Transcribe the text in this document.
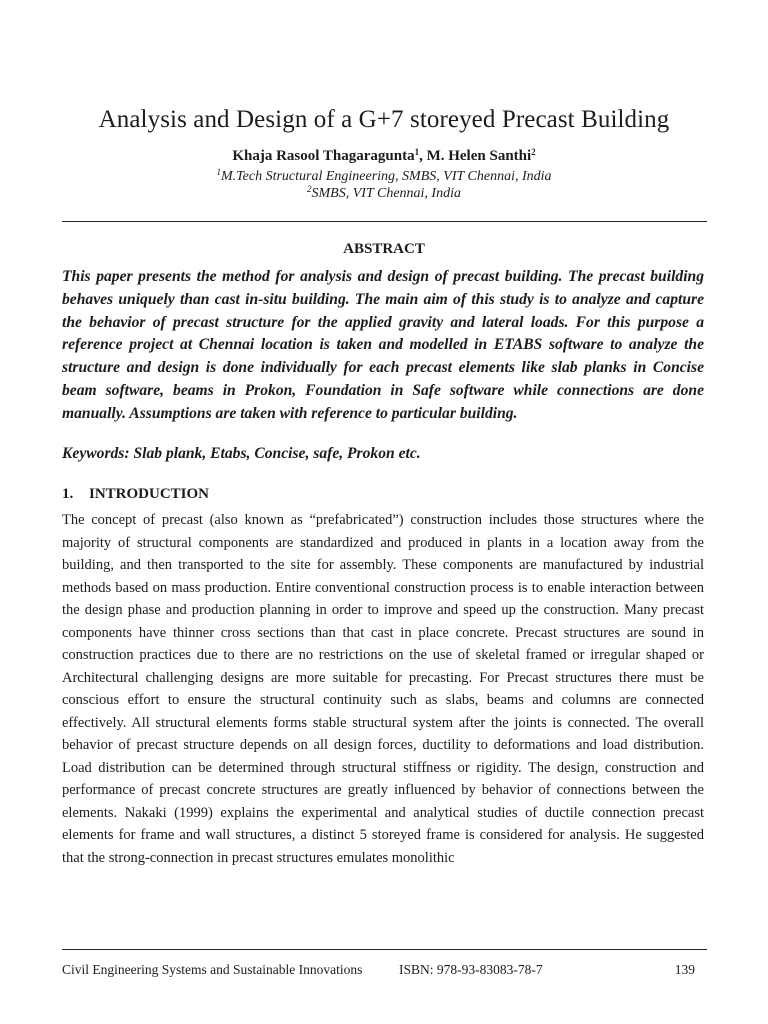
Analysis and Design of a G+7 storeyed Precast Building
Khaja Rasool Thagaragunta$^1$, M. Helen Santhi$^2$
$^1$M.Tech Structural Engineering, SMBS, VIT Chennai, India
$^2$SMBS, VIT Chennai, India
ABSTRACT
This paper presents the method for analysis and design of precast building. The precast building behaves uniquely than cast in-situ building. The main aim of this study is to analyze and capture the behavior of precast structure for the applied gravity and lateral loads. For this purpose a reference project at Chennai location is taken and modelled in ETABS software to analyze the structure and design is done individually for each precast elements like slab planks in Concise beam software, beams in Prokon, Foundation in Safe software while connections are done manually. Assumptions are taken with reference to particular building.
Keywords: Slab plank, Etabs, Concise, safe, Prokon etc.
1. INTRODUCTION
The concept of precast (also known as “prefabricated”) construction includes those structures where the majority of structural components are standardized and produced in plants in a location away from the building, and then transported to the site for assembly. These components are manufactured by industrial methods based on mass production. Entire conventional construction process is to enable interaction between the design phase and production planning in order to improve and speed up the construction. Many precast components have thinner cross sections than that cast in place concrete. Precast structures are sound in construction practices due to there are no restrictions on the use of skeletal framed or irregular shaped or Architectural challenging designs are more suitable for precasting. For Precast structures there must be conscious effort to ensure the structural continuity such as slabs, beams and columns are connected effectively. All structural elements forms stable structural system after the joints is connected. The overall behavior of precast structure depends on all design forces, ductility to deformations and load distribution. Load distribution can be determined through structural stiffness or rigidity. The design, construction and performance of precast concrete structures are greatly influenced by behavior of connections between the elements. Nakaki (1999) explains the experimental and analytical studies of ductile connection precast elements for frame and wall structures, a distinct 5 storeyed frame is considered for analysis. He suggested that the strong-connection in precast structures emulates monolithic
Civil Engineering Systems and Sustainable Innovations	ISBN: 978-93-83083-78-7	139
